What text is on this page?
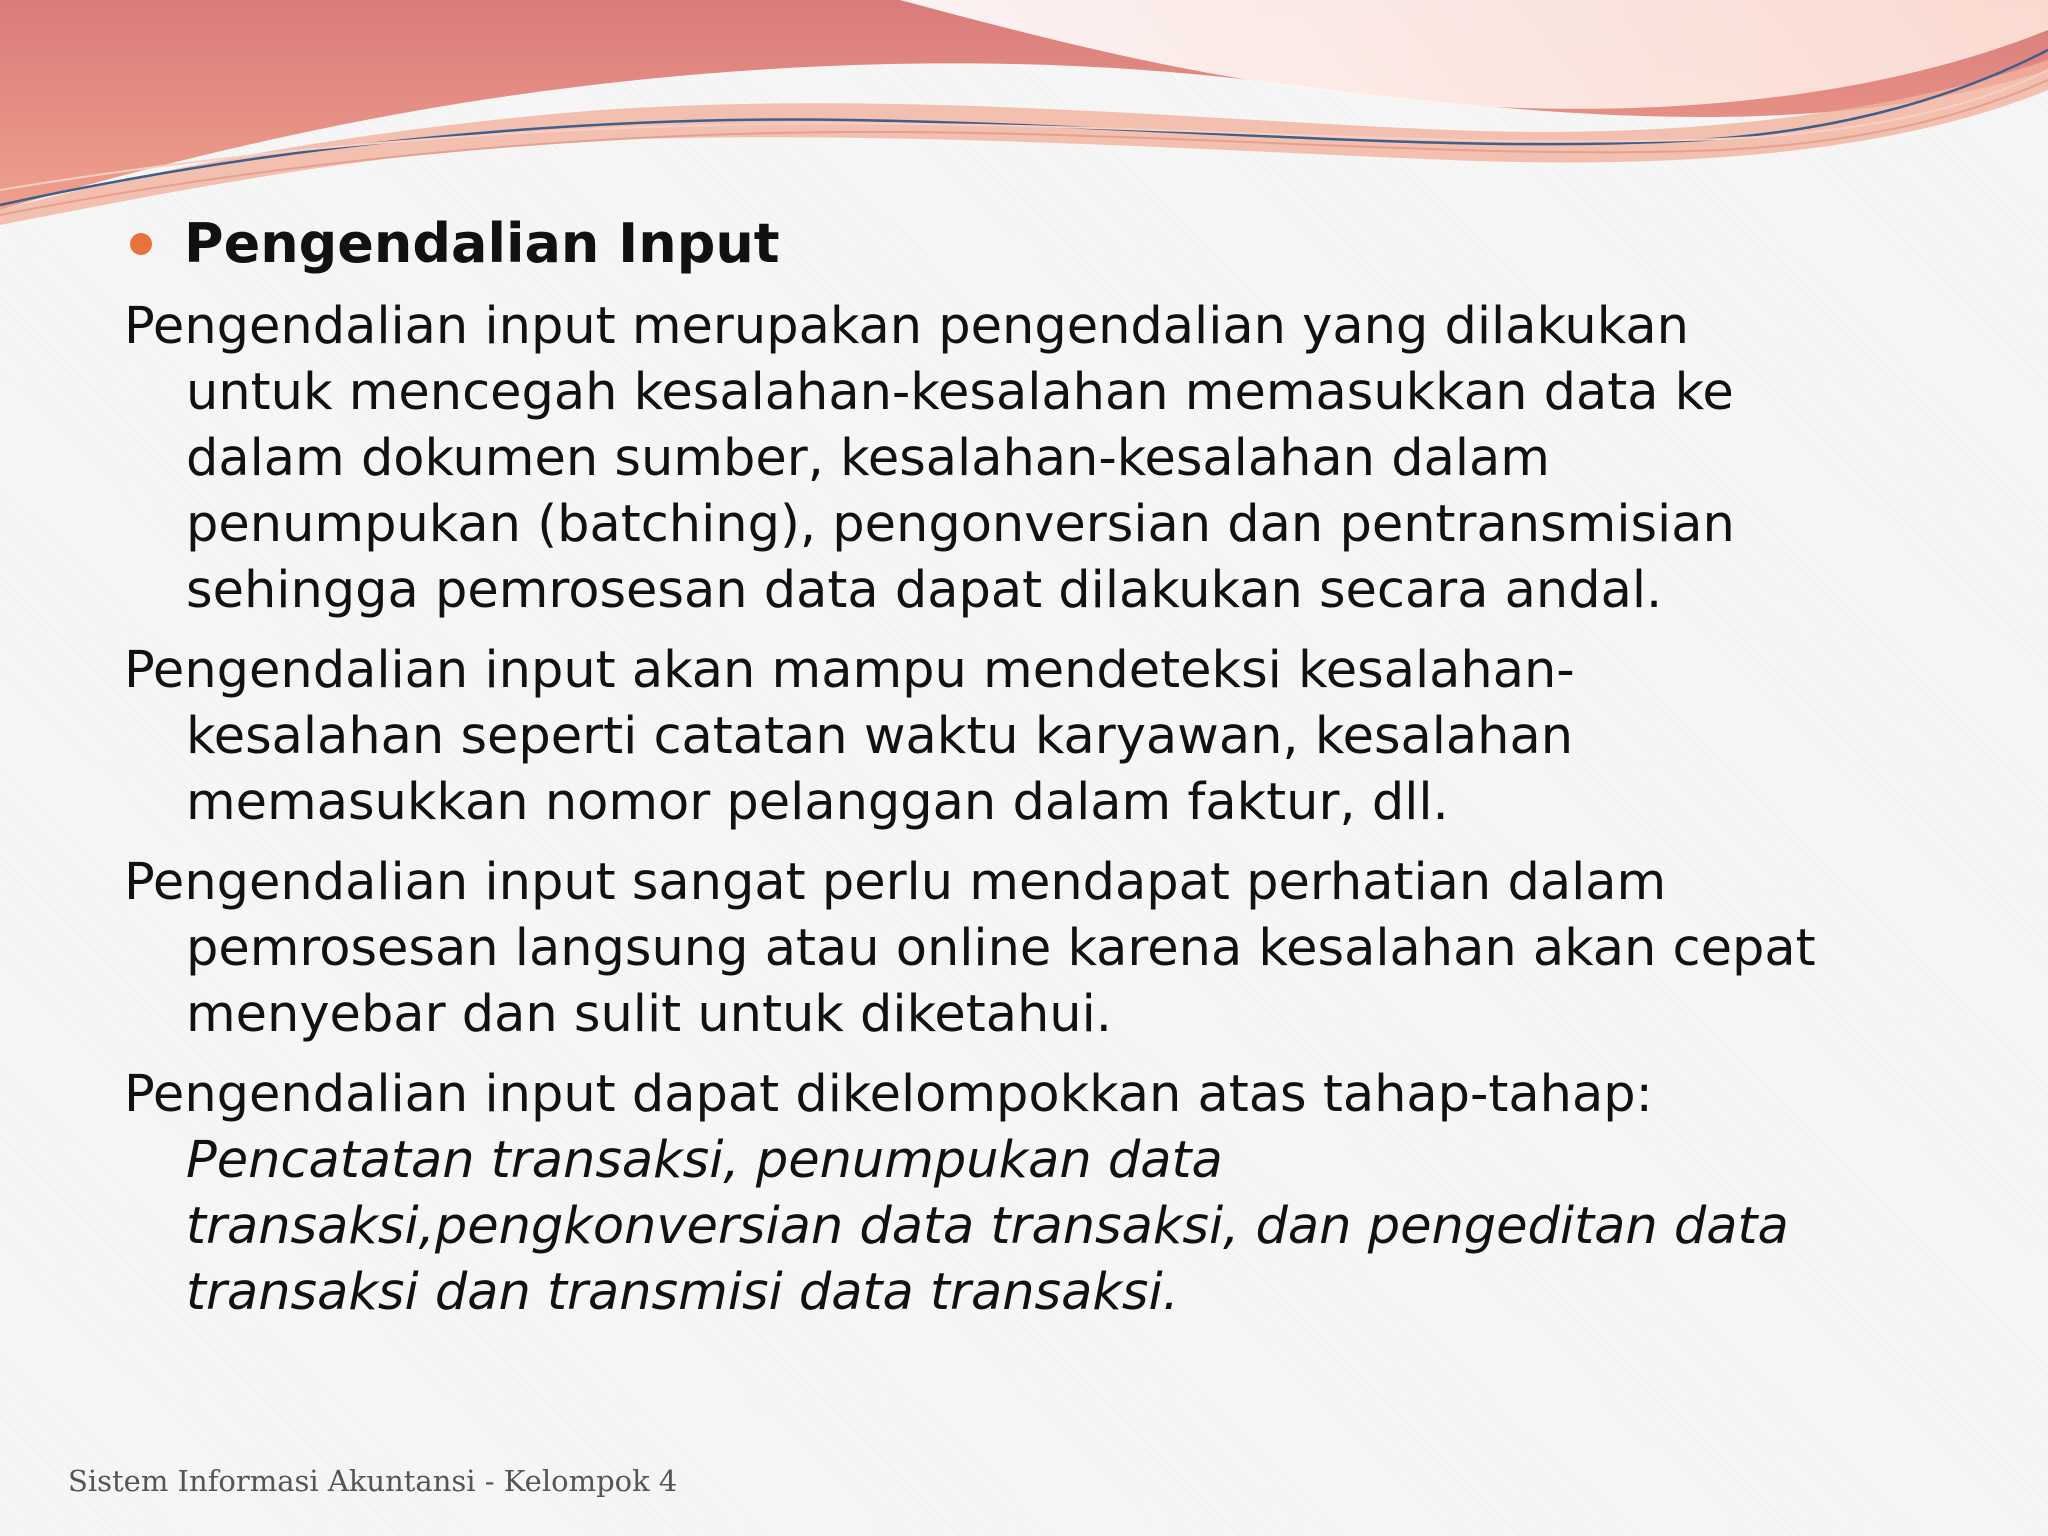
Pengendalian Input
Pengendalian input merupakan pengendalian yang dilakukan
untuk mencegah kesalahan-kesalahan memasukkan data ke
dalam dokumen sumber, kesalahan-kesalahan dalam
penumpukan (batching), pengonversian dan pentransmisian
sehingga pemrosesan data dapat dilakukan secara andal.
Pengendalian input akan mampu mendeteksi kesalahan-
kesalahan seperti catatan waktu karyawan, kesalahan
memasukkan nomor pelanggan dalam faktur, dll.
Pengendalian input sangat perlu mendapat perhatian dalam
pemrosesan langsung atau online karena kesalahan akan cepat
menyebar dan sulit untuk diketahui.
Pengendalian input dapat dikelompokkan atas tahap-tahap:
Pencatatan transaksi, penumpukan data
transaksi,pengkonversian data transaksi, dan pengeditan data
transaksi dan transmisi data transaksi.
Sistem Informasi Akuntansi - Kelompok 4
